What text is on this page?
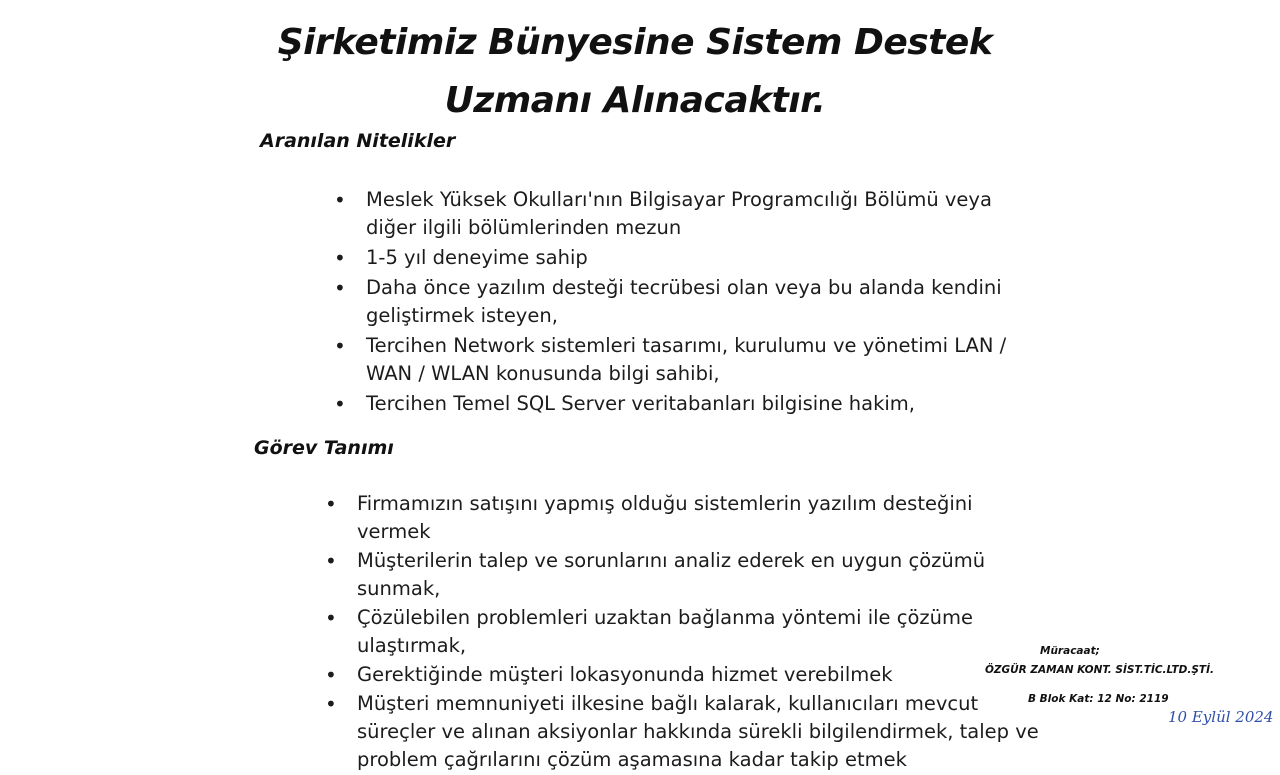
Şirketimiz Bünyesine Sistem Destek
Uzmanı Alınacaktır.
Aranılan Nitelikler
• Meslek Yüksek Okulları'nın Bilgisayar Programcılığı Bölümü veya diğer ilgili bölümlerinden mezun
• 1-5 yıl deneyime sahip
• Daha önce yazılım desteği tecrübesi olan veya bu alanda kendini geliştirmek isteyen,
• Tercihen Network sistemleri tasarımı, kurulumu ve yönetimi LAN / WAN / WLAN konusunda bilgi sahibi,
• Tercihen Temel SQL Server veritabanları bilgisine hakim,
Görev Tanımı
• Firmamızın satışını yapmış olduğu sistemlerin yazılım desteğini vermek
• Müşterilerin talep ve sorunlarını analiz ederek en uygun çözümü sunmak,
• Çözülebilen problemleri uzaktan bağlanma yöntemi ile çözüme ulaştırmak,
• Gerektiğinde müşteri lokasyonunda hizmet verebilmek
• Müşteri memnuniyeti ilkesine bağlı kalarak, kullanıcıları mevcut süreçler ve alınan aksiyonlar hakkında sürekli bilgilendirmek, talep ve problem çağrılarını çözüm aşamasına kadar takip etmek

Müracaat;

ÖZGÜR ZAMAN KONT. SİST.TİC.LTD.ŞTİ.

B Blok Kat: 12 No: 2119

10 Eylül 2024
